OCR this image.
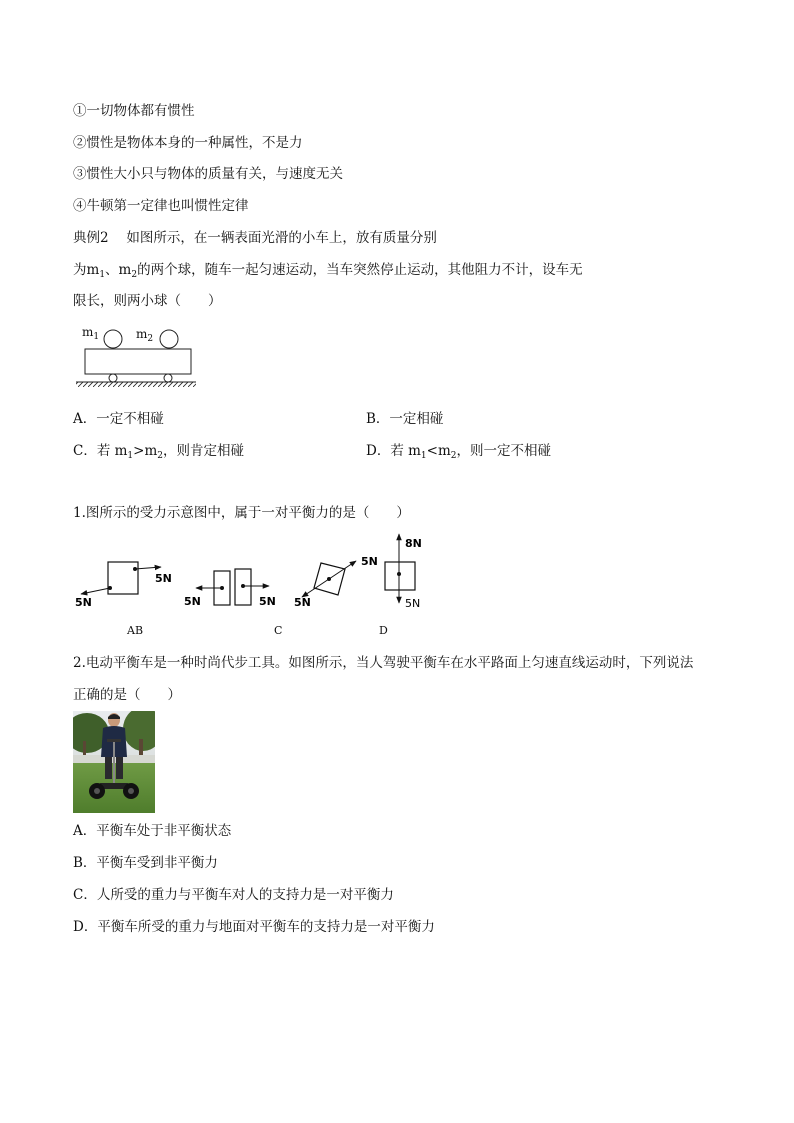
①一切物体都有惯性
②惯性是物体本身的一种属性，不是力
③惯性大小只与物体的质量有关，与速度无关
④牛顿第一定律也叫惯性定律
典例2　 如图所示，在一辆表面光滑的小车上，放有质量分别
为$m_1$、$m_2$的两个球，随车一起匀速运动，当车突然停止运动，其他阻力不计，设车无
限长，则两小球（　　）
$m_1$	$m_2$
A．一定不相碰	B．一定相碰
C．若 $m_1>m_2$，则肯定相碰	D．若 $m_1<m_2$，则一定不相碰
1.图所示的受力示意图中，属于一对平衡力的是（　　）
5N
5N
5N	5N 5N
5N
8N
5N
AB	C	D
2.电动平衡车是一种时尚代步工具。如图所示，当人驾驶平衡车在水平路面上匀速直线运动时，下列说法
正确的是（　　）
A．平衡车处于非平衡状态
B．平衡车受到非平衡力
C．人所受的重力与平衡车对人的支持力是一对平衡力
D．平衡车所受的重力与地面对平衡车的支持力是一对平衡力
